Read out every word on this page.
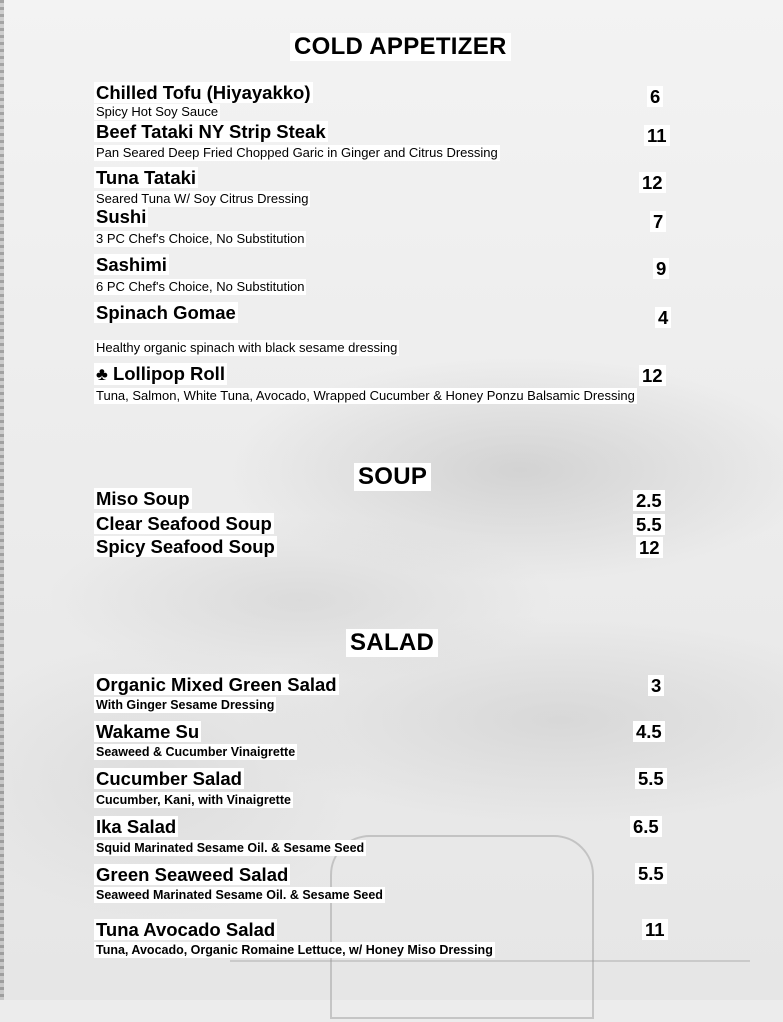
COLD APPETIZER
Chilled Tofu (Hiyayakko)
Spicy Hot Soy Sauce
6
Beef Tataki NY Strip Steak
Pan Seared Deep Fried Chopped Garic in Ginger and Citrus Dressing
11
Tuna Tataki
Seared Tuna W/ Soy Citrus Dressing
12
Sushi
3 PC Chef's Choice, No Substitution
7
Sashimi
6 PC Chef's Choice, No Substitution
9
Spinach Gomae
Healthy organic spinach with black sesame dressing
4
♣ Lollipop Roll
Tuna, Salmon, White Tuna, Avocado, Wrapped Cucumber & Honey Ponzu Balsamic Dressing
12
SOUP
Miso Soup	2.5
Clear Seafood Soup	5.5
Spicy Seafood Soup	12
SALAD
Organic Mixed Green Salad
With Ginger Sesame Dressing
3
Wakame Su
Seaweed & Cucumber Vinaigrette
4.5
Cucumber Salad
Cucumber, Kani, with Vinaigrette
5.5
Ika Salad
Squid Marinated Sesame Oil. & Sesame Seed
6.5
Green Seaweed Salad
Seaweed Marinated Sesame Oil. & Sesame Seed
5.5
Tuna Avocado Salad
Tuna, Avocado, Organic Romaine Lettuce, w/ Honey Miso Dressing
11
